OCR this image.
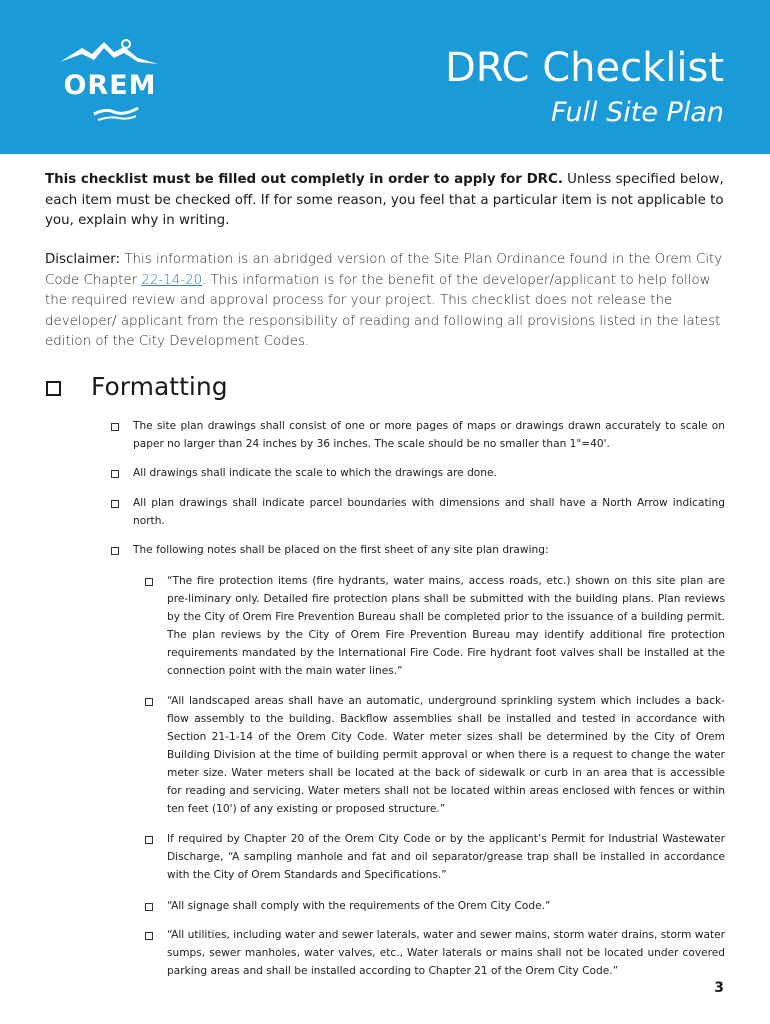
OREM	DRC Checklist
Full Site Plan

This checklist must be filled out completly in order to apply for DRC. Unless specified below, each item must be checked off. If for some reason, you feel that a particular item is not applicable to you, explain why in writing.

Disclaimer: This information is an abridged version of the Site Plan Ordinance found in the Orem City Code Chapter 22-14-20. This information is for the benefit of the developer/applicant to help follow the required review and approval process for your project. This checklist does not release the developer/ applicant from the responsibility of reading and following all provisions listed in the latest edition of the City Development Codes.

Formatting

The site plan drawings shall consist of one or more pages of maps or drawings drawn accurately to scale on paper no larger than 24 inches by 36 inches. The scale should be no smaller than 1"=40'.

All drawings shall indicate the scale to which the drawings are done.

All plan drawings shall indicate parcel boundaries with dimensions and shall have a North Arrow indicating north.

The following notes shall be placed on the first sheet of any site plan drawing:

“The fire protection items (fire hydrants, water mains, access roads, etc.) shown on this site plan are pre-liminary only. Detailed fire protection plans shall be submitted with the building plans. Plan reviews by the City of Orem Fire Prevention Bureau shall be completed prior to the issuance of a building permit. The plan reviews by the City of Orem Fire Prevention Bureau may identify additional fire protection requirements mandated by the International Fire Code. Fire hydrant foot valves shall be installed at the connection point with the main water lines.”

“All landscaped areas shall have an automatic, underground sprinkling system which includes a back-flow assembly to the building. Backflow assemblies shall be installed and tested in accordance with Section 21-1-14 of the Orem City Code. Water meter sizes shall be determined by the City of Orem Building Division at the time of building permit approval or when there is a request to change the water meter size. Water meters shall be located at the back of sidewalk or curb in an area that is accessible for reading and servicing. Water meters shall not be located within areas enclosed with fences or within ten feet (10') of any existing or proposed structure.”

If required by Chapter 20 of the Orem City Code or by the applicant’s Permit for Industrial Wastewater Discharge, “A sampling manhole and fat and oil separator/grease trap shall be installed in accordance with the City of Orem Standards and Specifications.”

“All signage shall comply with the requirements of the Orem City Code.”

“All utilities, including water and sewer laterals, water and sewer mains, storm water drains, storm water sumps, sewer manholes, water valves, etc., Water laterals or mains shall not be located under covered parking areas and shall be installed according to Chapter 21 of the Orem City Code.”

3
